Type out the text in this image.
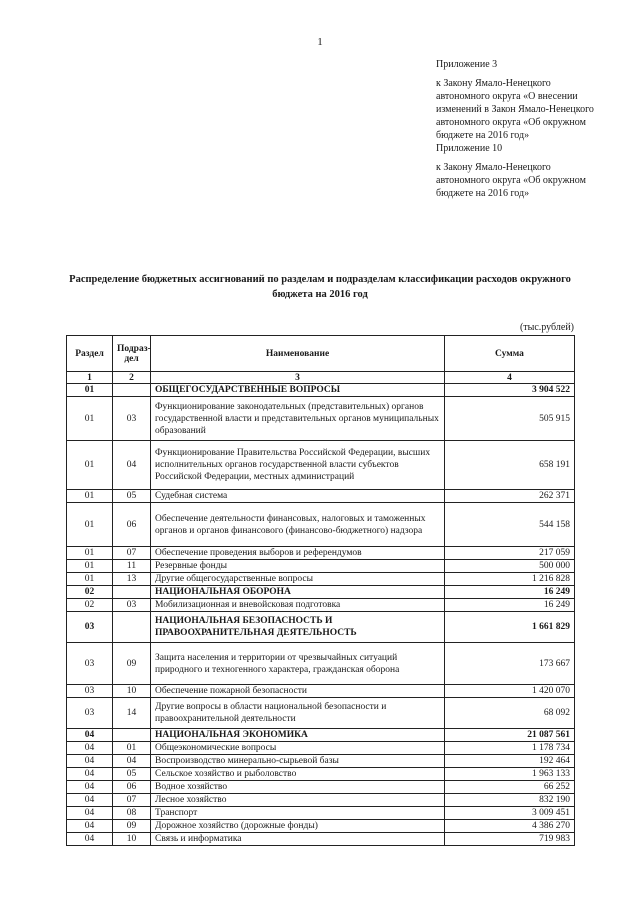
1

Приложение 3

к Закону Ямало-Ненецкого автономного округа «О внесении изменений в Закон Ямало-Ненецкого автономного округа «Об окружном бюджете на 2016 год»

Приложение 10

к Закону Ямало-Ненецкого автономного округа «Об окружном бюджете на 2016 год»

Распределение бюджетных ассигнований по разделам и подразделам классификации расходов окружного бюджета на 2016 год
(тыс.рублей)
Раздел	Подраз-дел	Наименование	Сумма
1	2	3	4
01		ОБЩЕГОСУДАРСТВЕННЫЕ ВОПРОСЫ	3 904 522
01	03	Функционирование законодательных (представительных) органов государственной власти и представительных органов муниципальных образований	505 915
01	04	Функционирование Правительства Российской Федерации, высших исполнительных органов государственной власти субъектов Российской Федерации, местных администраций	658 191
01	05	Судебная система	262 371
01	06	Обеспечение деятельности финансовых, налоговых и таможенных органов и органов финансового (финансово-бюджетного) надзора	544 158
01	07	Обеспечение проведения выборов и референдумов	217 059
01	11	Резервные фонды	500 000
01	13	Другие общегосударственные вопросы	1 216 828
02		НАЦИОНАЛЬНАЯ ОБОРОНА	16 249
02	03	Мобилизационная и вневойсковая подготовка	16 249
03		НАЦИОНАЛЬНАЯ БЕЗОПАСНОСТЬ И ПРАВООХРАНИТЕЛЬНАЯ ДЕЯТЕЛЬНОСТЬ	1 661 829
03	09	Защита населения и территории от чрезвычайных ситуаций природного и техногенного характера, гражданская оборона	173 667
03	10	Обеспечение пожарной безопасности	1 420 070
03	14	Другие вопросы в области национальной безопасности и правоохранительной деятельности	68 092
04		НАЦИОНАЛЬНАЯ ЭКОНОМИКА	21 087 561
04	01	Общеэкономические вопросы	1 178 734
04	04	Воспроизводство минерально-сырьевой базы	192 464
04	05	Сельское хозяйство и рыболовство	1 963 133
04	06	Водное хозяйство	66 252
04	07	Лесное хозяйство	832 190
04	08	Транспорт	3 009 451
04	09	Дорожное хозяйство (дорожные фонды)	4 386 270
04	10	Связь и информатика	719 983
